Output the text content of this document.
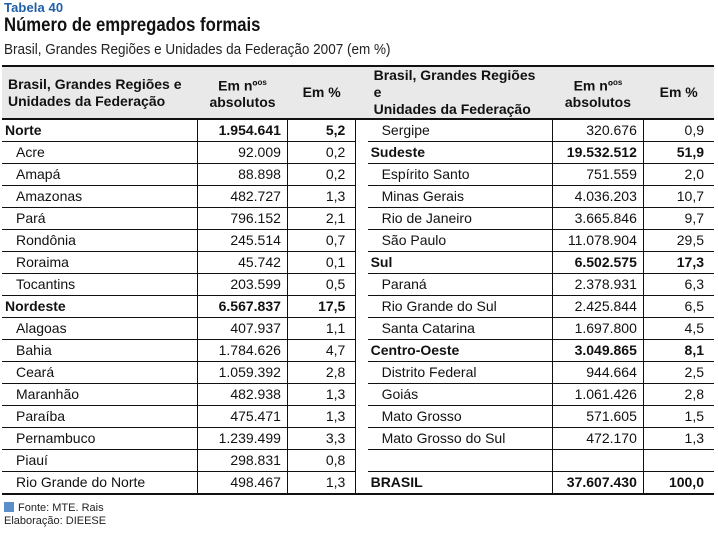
Tabela 40
Número de empregados formais
Brasil, Grandes Regiões e Unidades da Federação 2007 (em %)
Brasil, Grandes Regiões e
Unidades da Federação	Em nº$^{os}$
absolutos	Em %		Brasil, Grandes Regiões e
Unidades da Federação	Em nº$^{os}$
absolutos	Em %
Norte	1.954.641	5,2		Sergipe	320.676	0,9
Acre	92.009	0,2		Sudeste	19.532.512	51,9
Amapá	88.898	0,2		Espírito Santo	751.559	2,0
Amazonas	482.727	1,3		Minas Gerais	4.036.203	10,7
Pará	796.152	2,1		Rio de Janeiro	3.665.846	9,7
Rondônia	245.514	0,7		São Paulo	11.078.904	29,5
Roraima	45.742	0,1		Sul	6.502.575	17,3
Tocantins	203.599	0,5		Paraná	2.378.931	6,3
Nordeste	6.567.837	17,5		Rio Grande do Sul	2.425.844	6,5
Alagoas	407.937	1,1		Santa Catarina	1.697.800	4,5
Bahia	1.784.626	4,7		Centro-Oeste	3.049.865	8,1
Ceará	1.059.392	2,8		Distrito Federal	944.664	2,5
Maranhão	482.938	1,3		Goiás	1.061.426	2,8
Paraíba	475.471	1,3		Mato Grosso	571.605	1,5
Pernambuco	1.239.499	3,3		Mato Grosso do Sul	472.170	1,3
Piauí	298.831	0,8				
Rio Grande do Norte	498.467	1,3		BRASIL	37.607.430	100,0
Fonte: MTE. Rais
Elaboração: DIEESE
